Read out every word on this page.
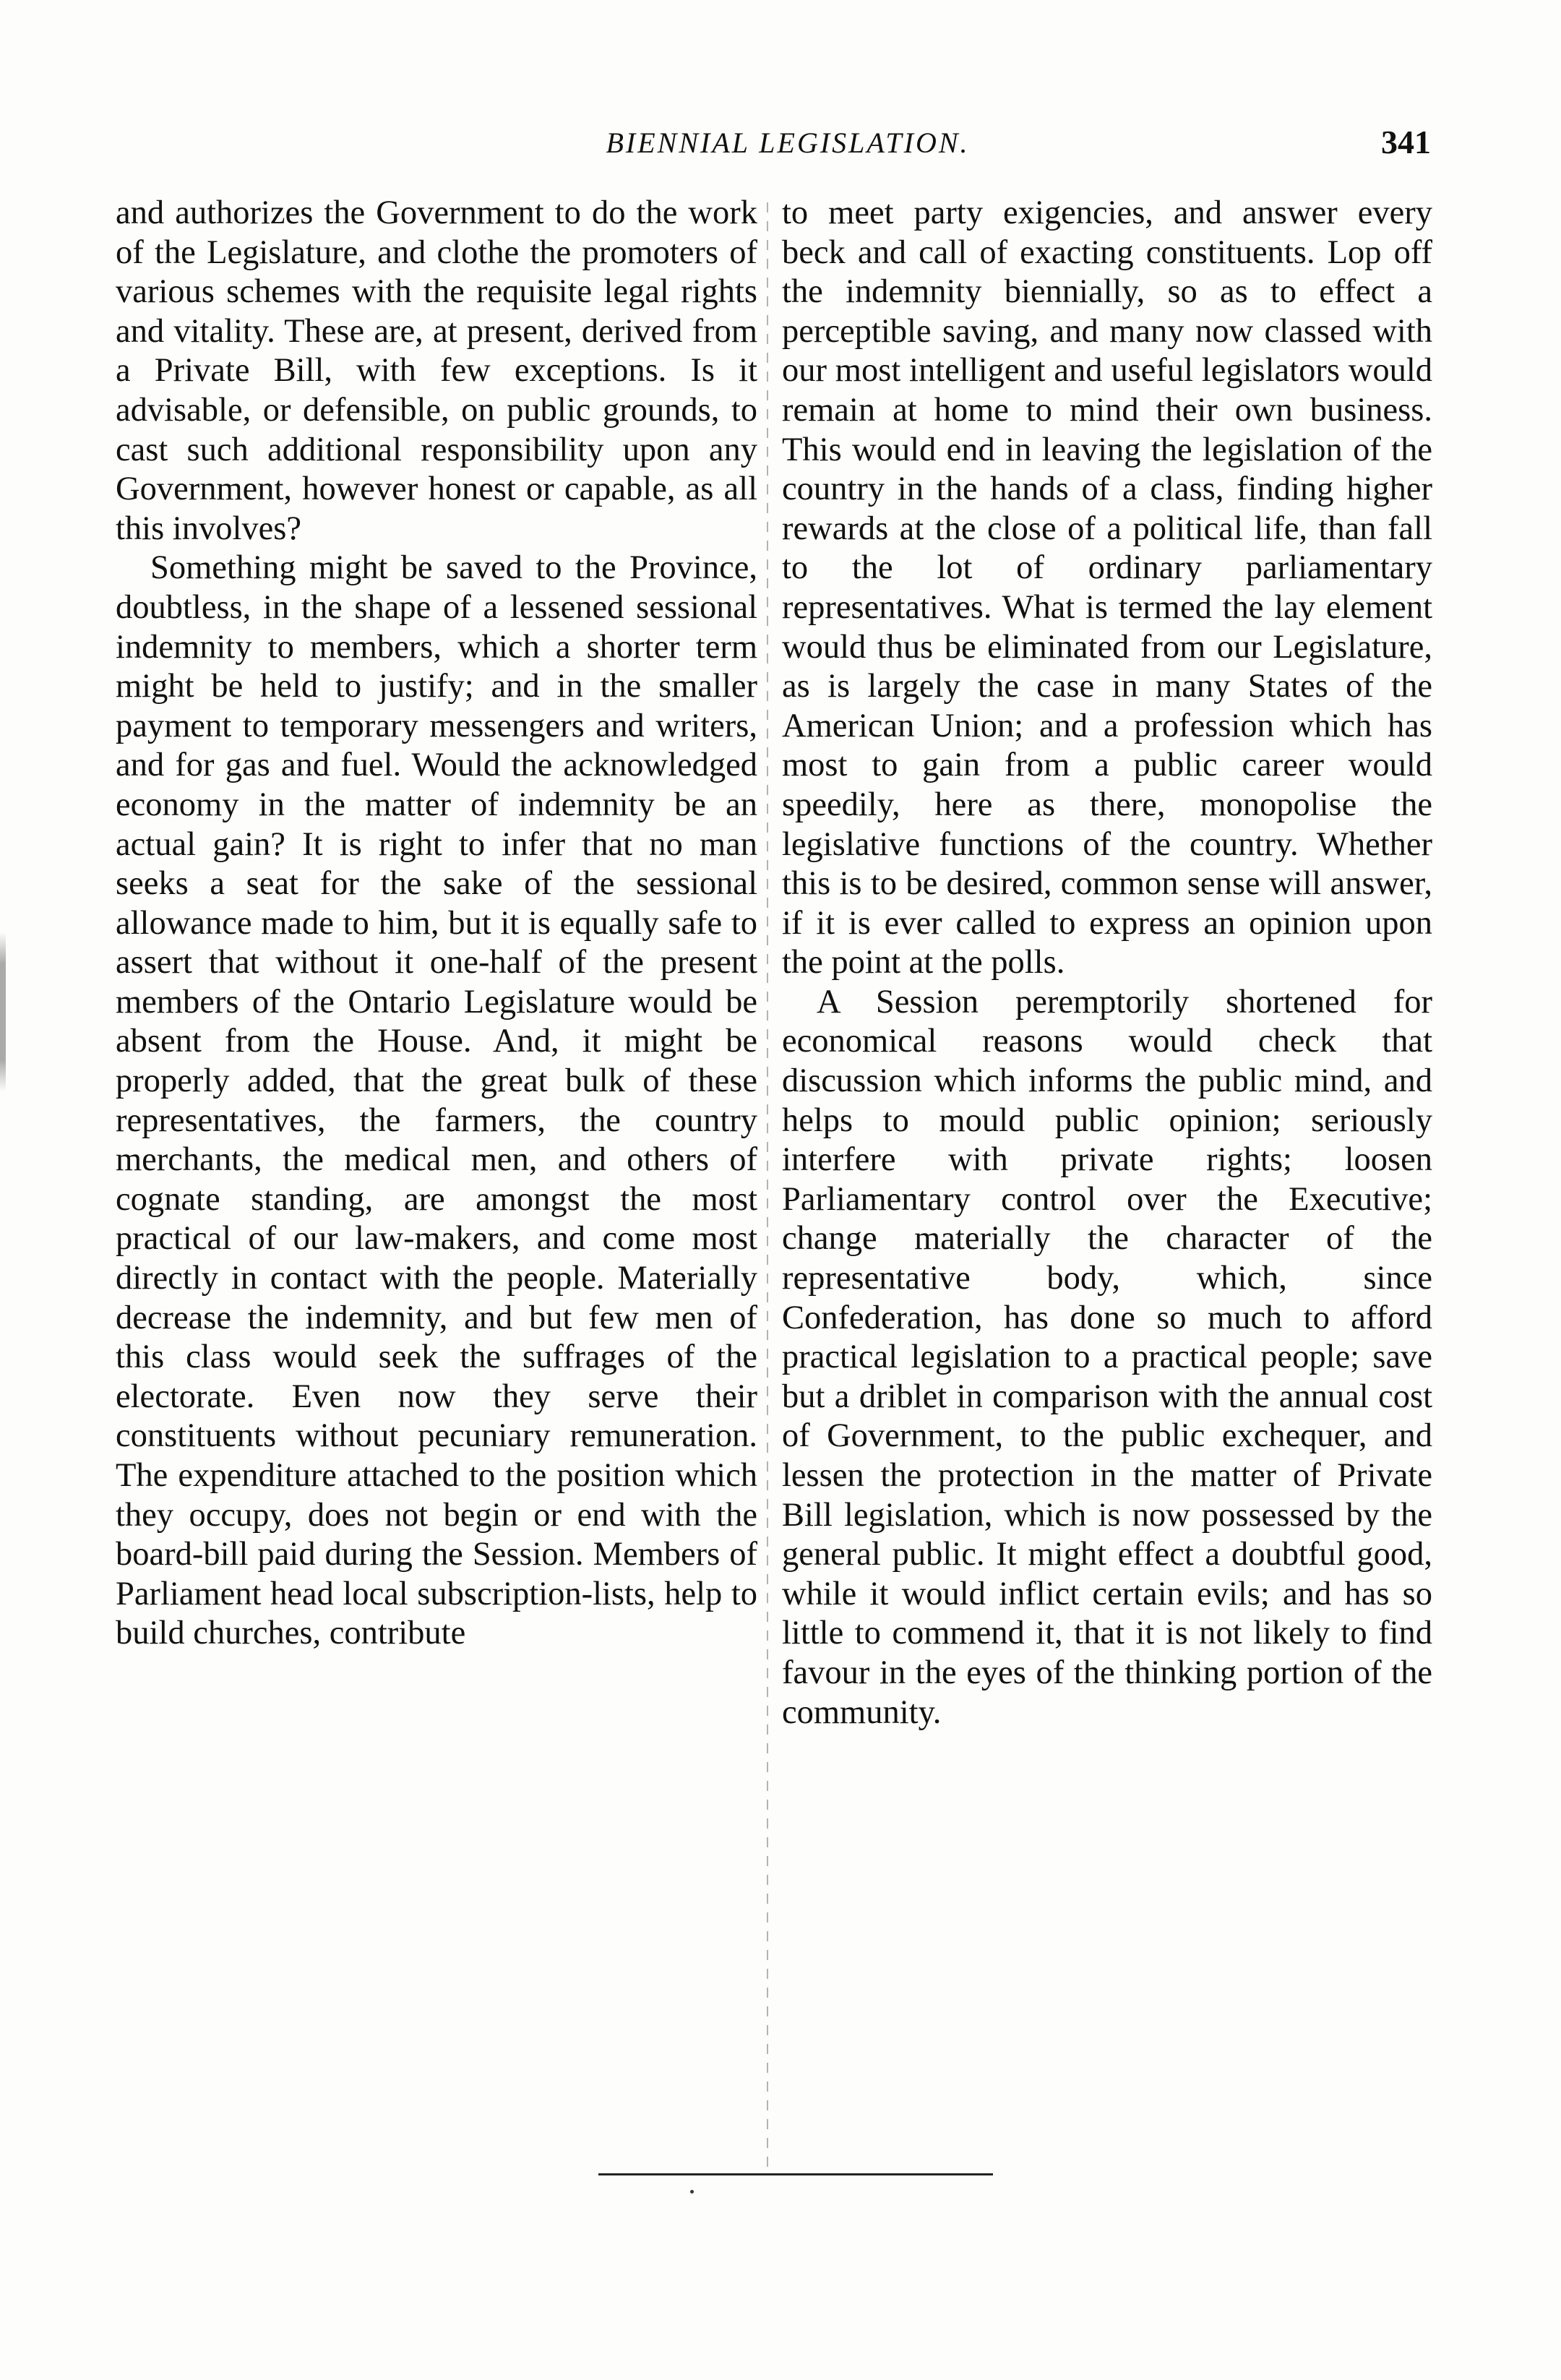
BIENNIAL LEGISLATION.	341

and authorizes the Government to do the work of the Legislature, and clothe the promoters of various schemes with the requisite legal rights and vitality. These are, at present, derived from a Private Bill, with few exceptions. Is it advisable, or defensible, on public grounds, to cast such additional responsibility upon any Government, however honest or capable, as all this involves?

Something might be saved to the Province, doubtless, in the shape of a lessened sessional indemnity to members, which a shorter term might be held to justify; and in the smaller payment to temporary messengers and writers, and for gas and fuel. Would the acknowledged economy in the matter of indemnity be an actual gain? It is right to infer that no man seeks a seat for the sake of the sessional allowance made to him, but it is equally safe to assert that without it one-half of the present members of the Ontario Legislature would be absent from the House. And, it might be properly added, that the great bulk of these representatives, the farmers, the country merchants, the medical men, and others of cognate standing, are amongst the most practical of our law-makers, and come most directly in contact with the people. Materially decrease the indemnity, and but few men of this class would seek the suffrages of the electorate. Even now they serve their constituents without pecuniary remuneration. The expenditure attached to the position which they occupy, does not begin or end with the board-bill paid during the Session. Members of Parliament head local subscription-lists, help to build churches, contribute

to meet party exigencies, and answer every beck and call of exacting constituents. Lop off the indemnity biennially, so as to effect a perceptible saving, and many now classed with our most intelligent and useful legislators would remain at home to mind their own business. This would end in leaving the legislation of the country in the hands of a class, finding higher rewards at the close of a political life, than fall to the lot of ordinary parliamentary representatives. What is termed the lay element would thus be eliminated from our Legislature, as is largely the case in many States of the American Union; and a profession which has most to gain from a public career would speedily, here as there, monopolise the legislative functions of the country. Whether this is to be desired, common sense will answer, if it is ever called to express an opinion upon the point at the polls.

A Session peremptorily shortened for economical reasons would check that discussion which informs the public mind, and helps to mould public opinion; seriously interfere with private rights; loosen Parliamentary control over the Executive; change materially the character of the representative body, which, since Confederation, has done so much to afford practical legislation to a practical people; save but a driblet in comparison with the annual cost of Government, to the public exchequer, and lessen the protection in the matter of Private Bill legislation, which is now possessed by the general public. It might effect a doubtful good, while it would inflict certain evils; and has so little to commend it, that it is not likely to find favour in the eyes of the thinking portion of the community.
